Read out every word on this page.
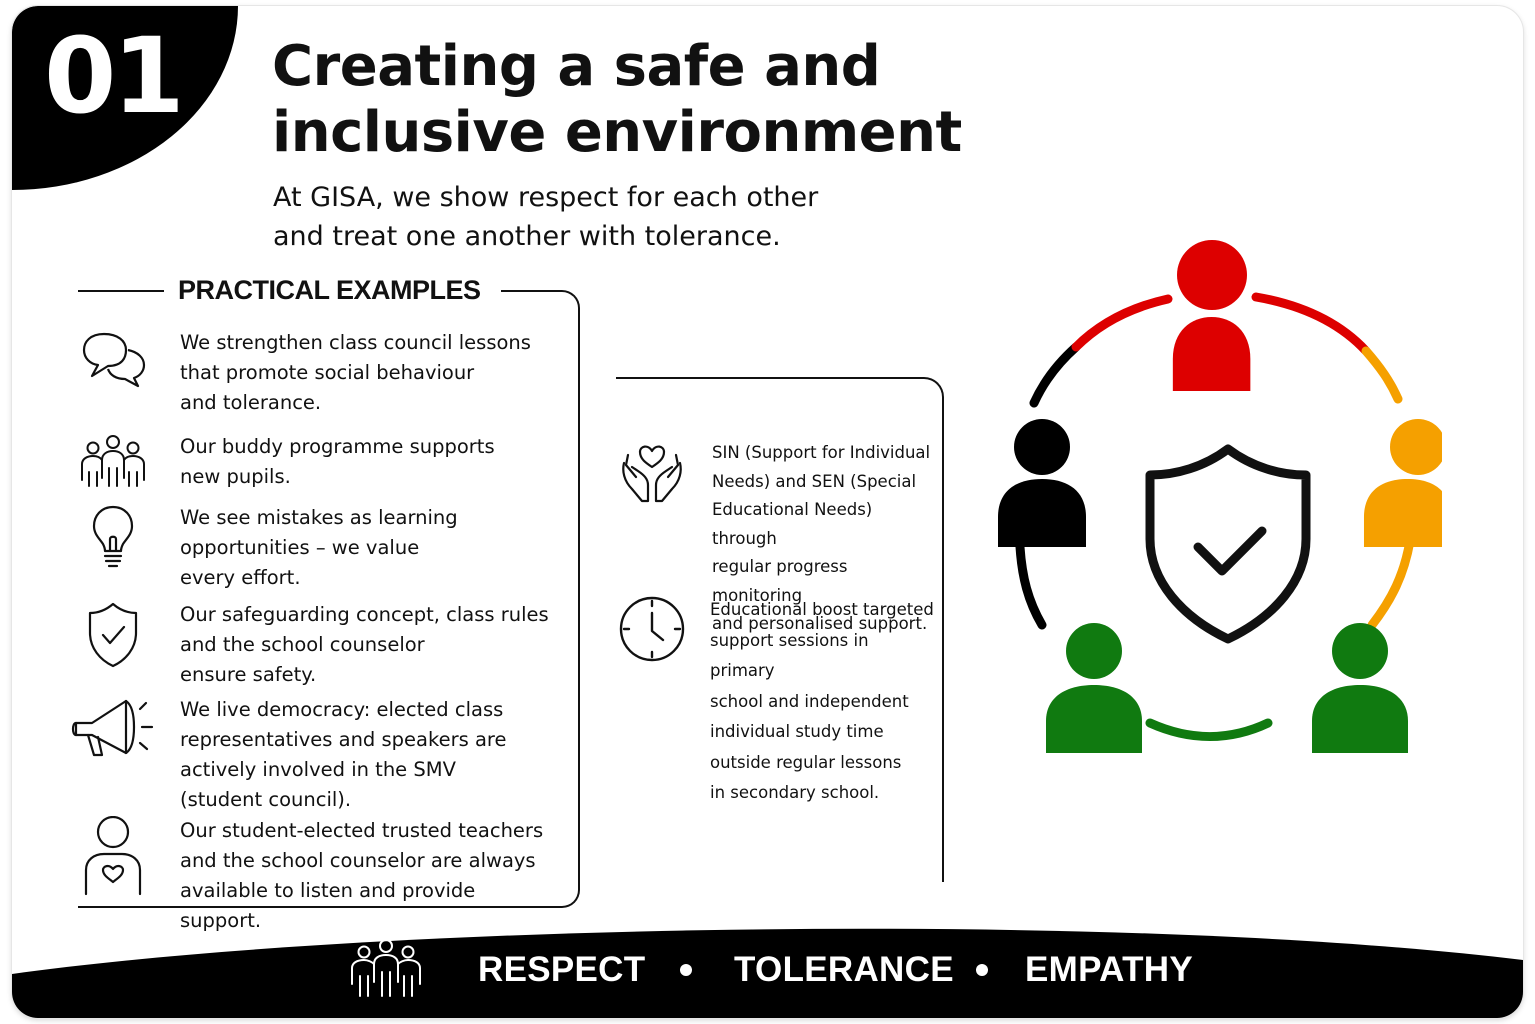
01 Creating a safe and inclusive environment

At GISA, we show respect for each other and treat one another with tolerance.

PRACTICAL EXAMPLES
We strengthen class council lessons
that promote social behaviour
and tolerance.
Our buddy programme supports
new pupils.
We see mistakes as learning
opportunities – we value
every effort.
Our safeguarding concept, class rules
and the school counselor
ensure safety.
We live democracy: elected class
representatives and speakers are
actively involved in the SMV
(student council).
Our student-elected trusted teachers
and the school counselor are always
available to listen and provide support.
SIN (Support for Individual
Needs) and SEN (Special
Educational Needs) through
regular progress monitoring
and personalised support.
Educational boost targeted
support sessions in primary
school and independent
individual study time
outside regular lessons
in secondary school.
RESPECT	TOLERANCE EMPATHY
